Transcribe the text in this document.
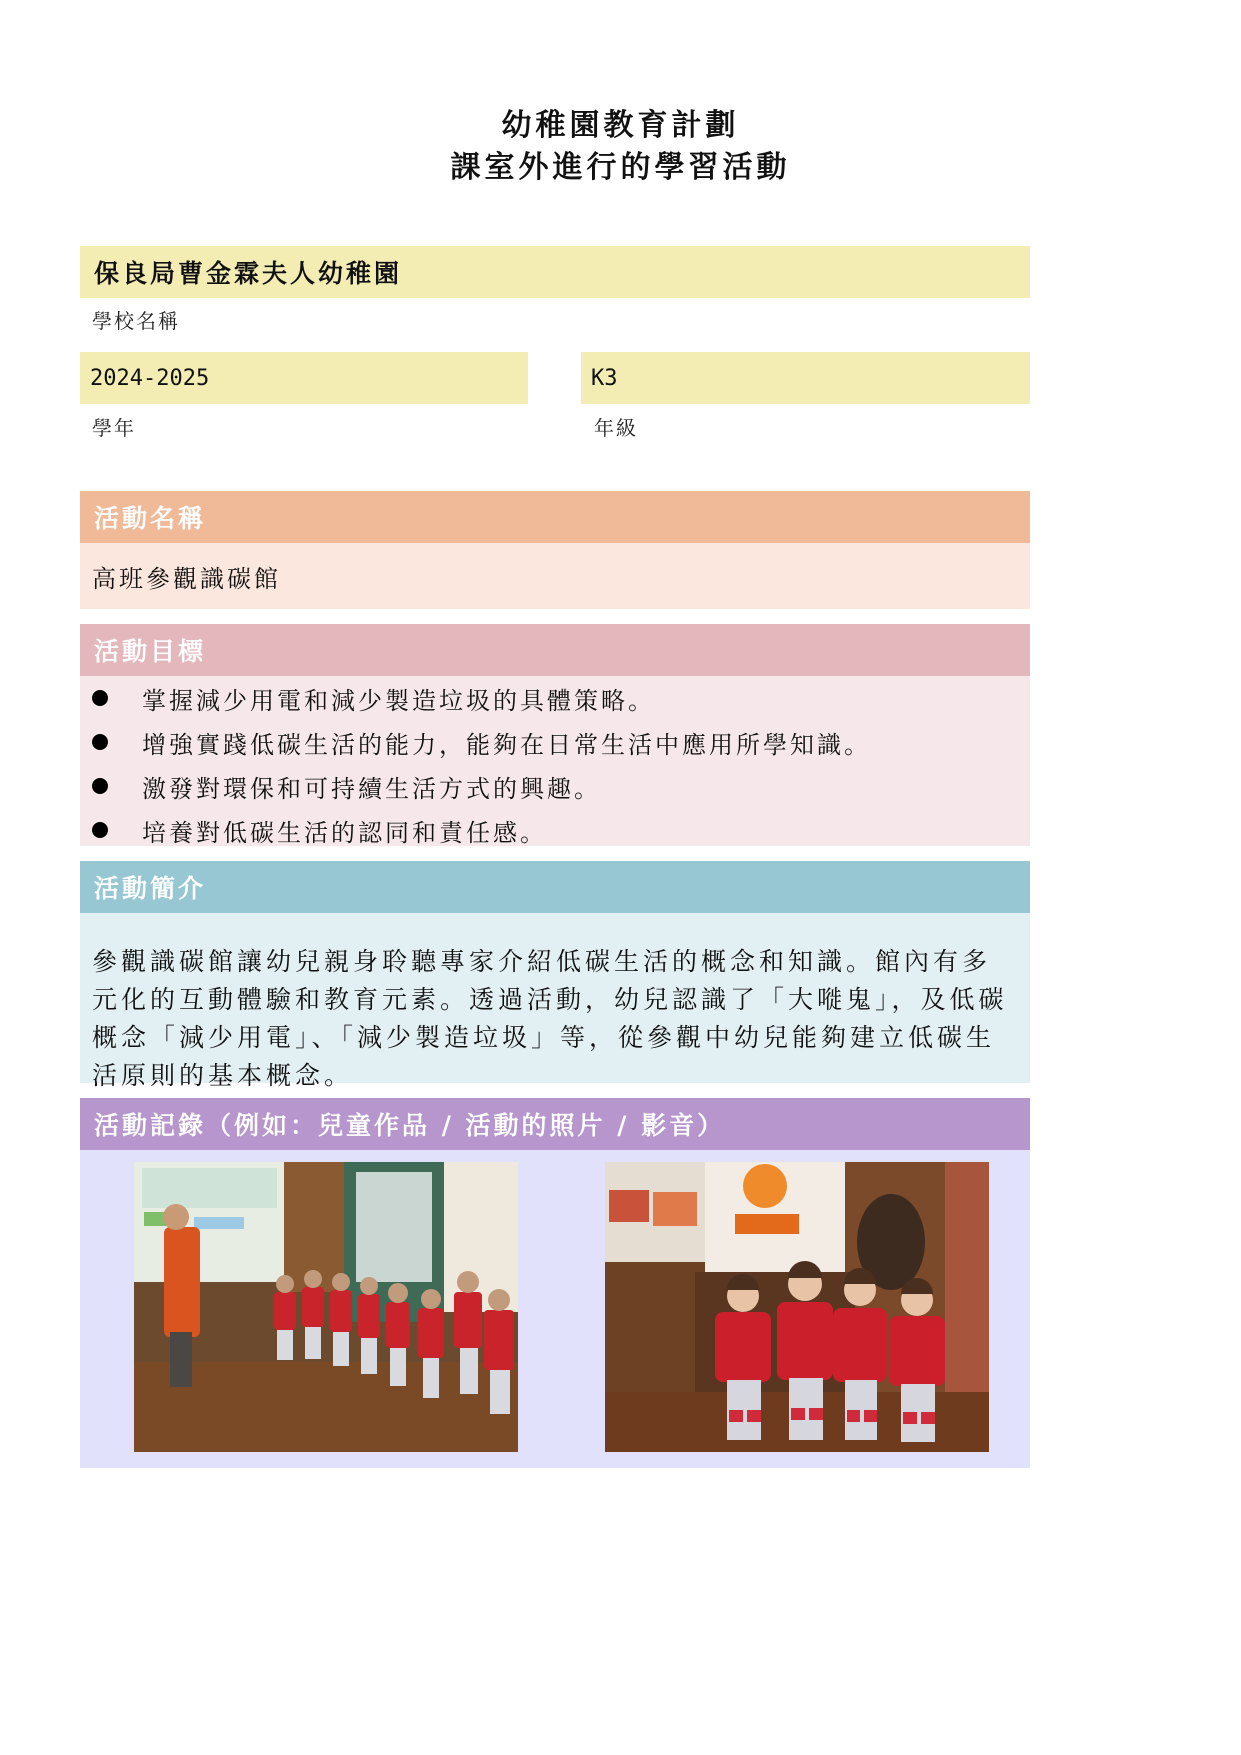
幼稚園教育計劃
課室外進行的學習活動
保良局曹金霖夫人幼稚園
學校名稱
2024-2025
學年
K3
年級
活動名稱
高班參觀識碳館
活動目標
掌握減少用電和減少製造垃圾的具體策略。
增強實踐低碳生活的能力，能夠在日常生活中應用所學知識。
激發對環保和可持續生活方式的興趣。
培養對低碳生活的認同和責任感。
活動簡介
參觀識碳館讓幼兒親身聆聽專家介紹低碳生活的概念和知識。館內有多元化的互動體驗和教育元素。透過活動，幼兒認識了「大嘥鬼」，及低碳概念「減少用電」、「減少製造垃圾」等，從參觀中幼兒能夠建立低碳生活原則的基本概念。
活動記錄（例如：兒童作品 / 活動的照片 / 影音）
